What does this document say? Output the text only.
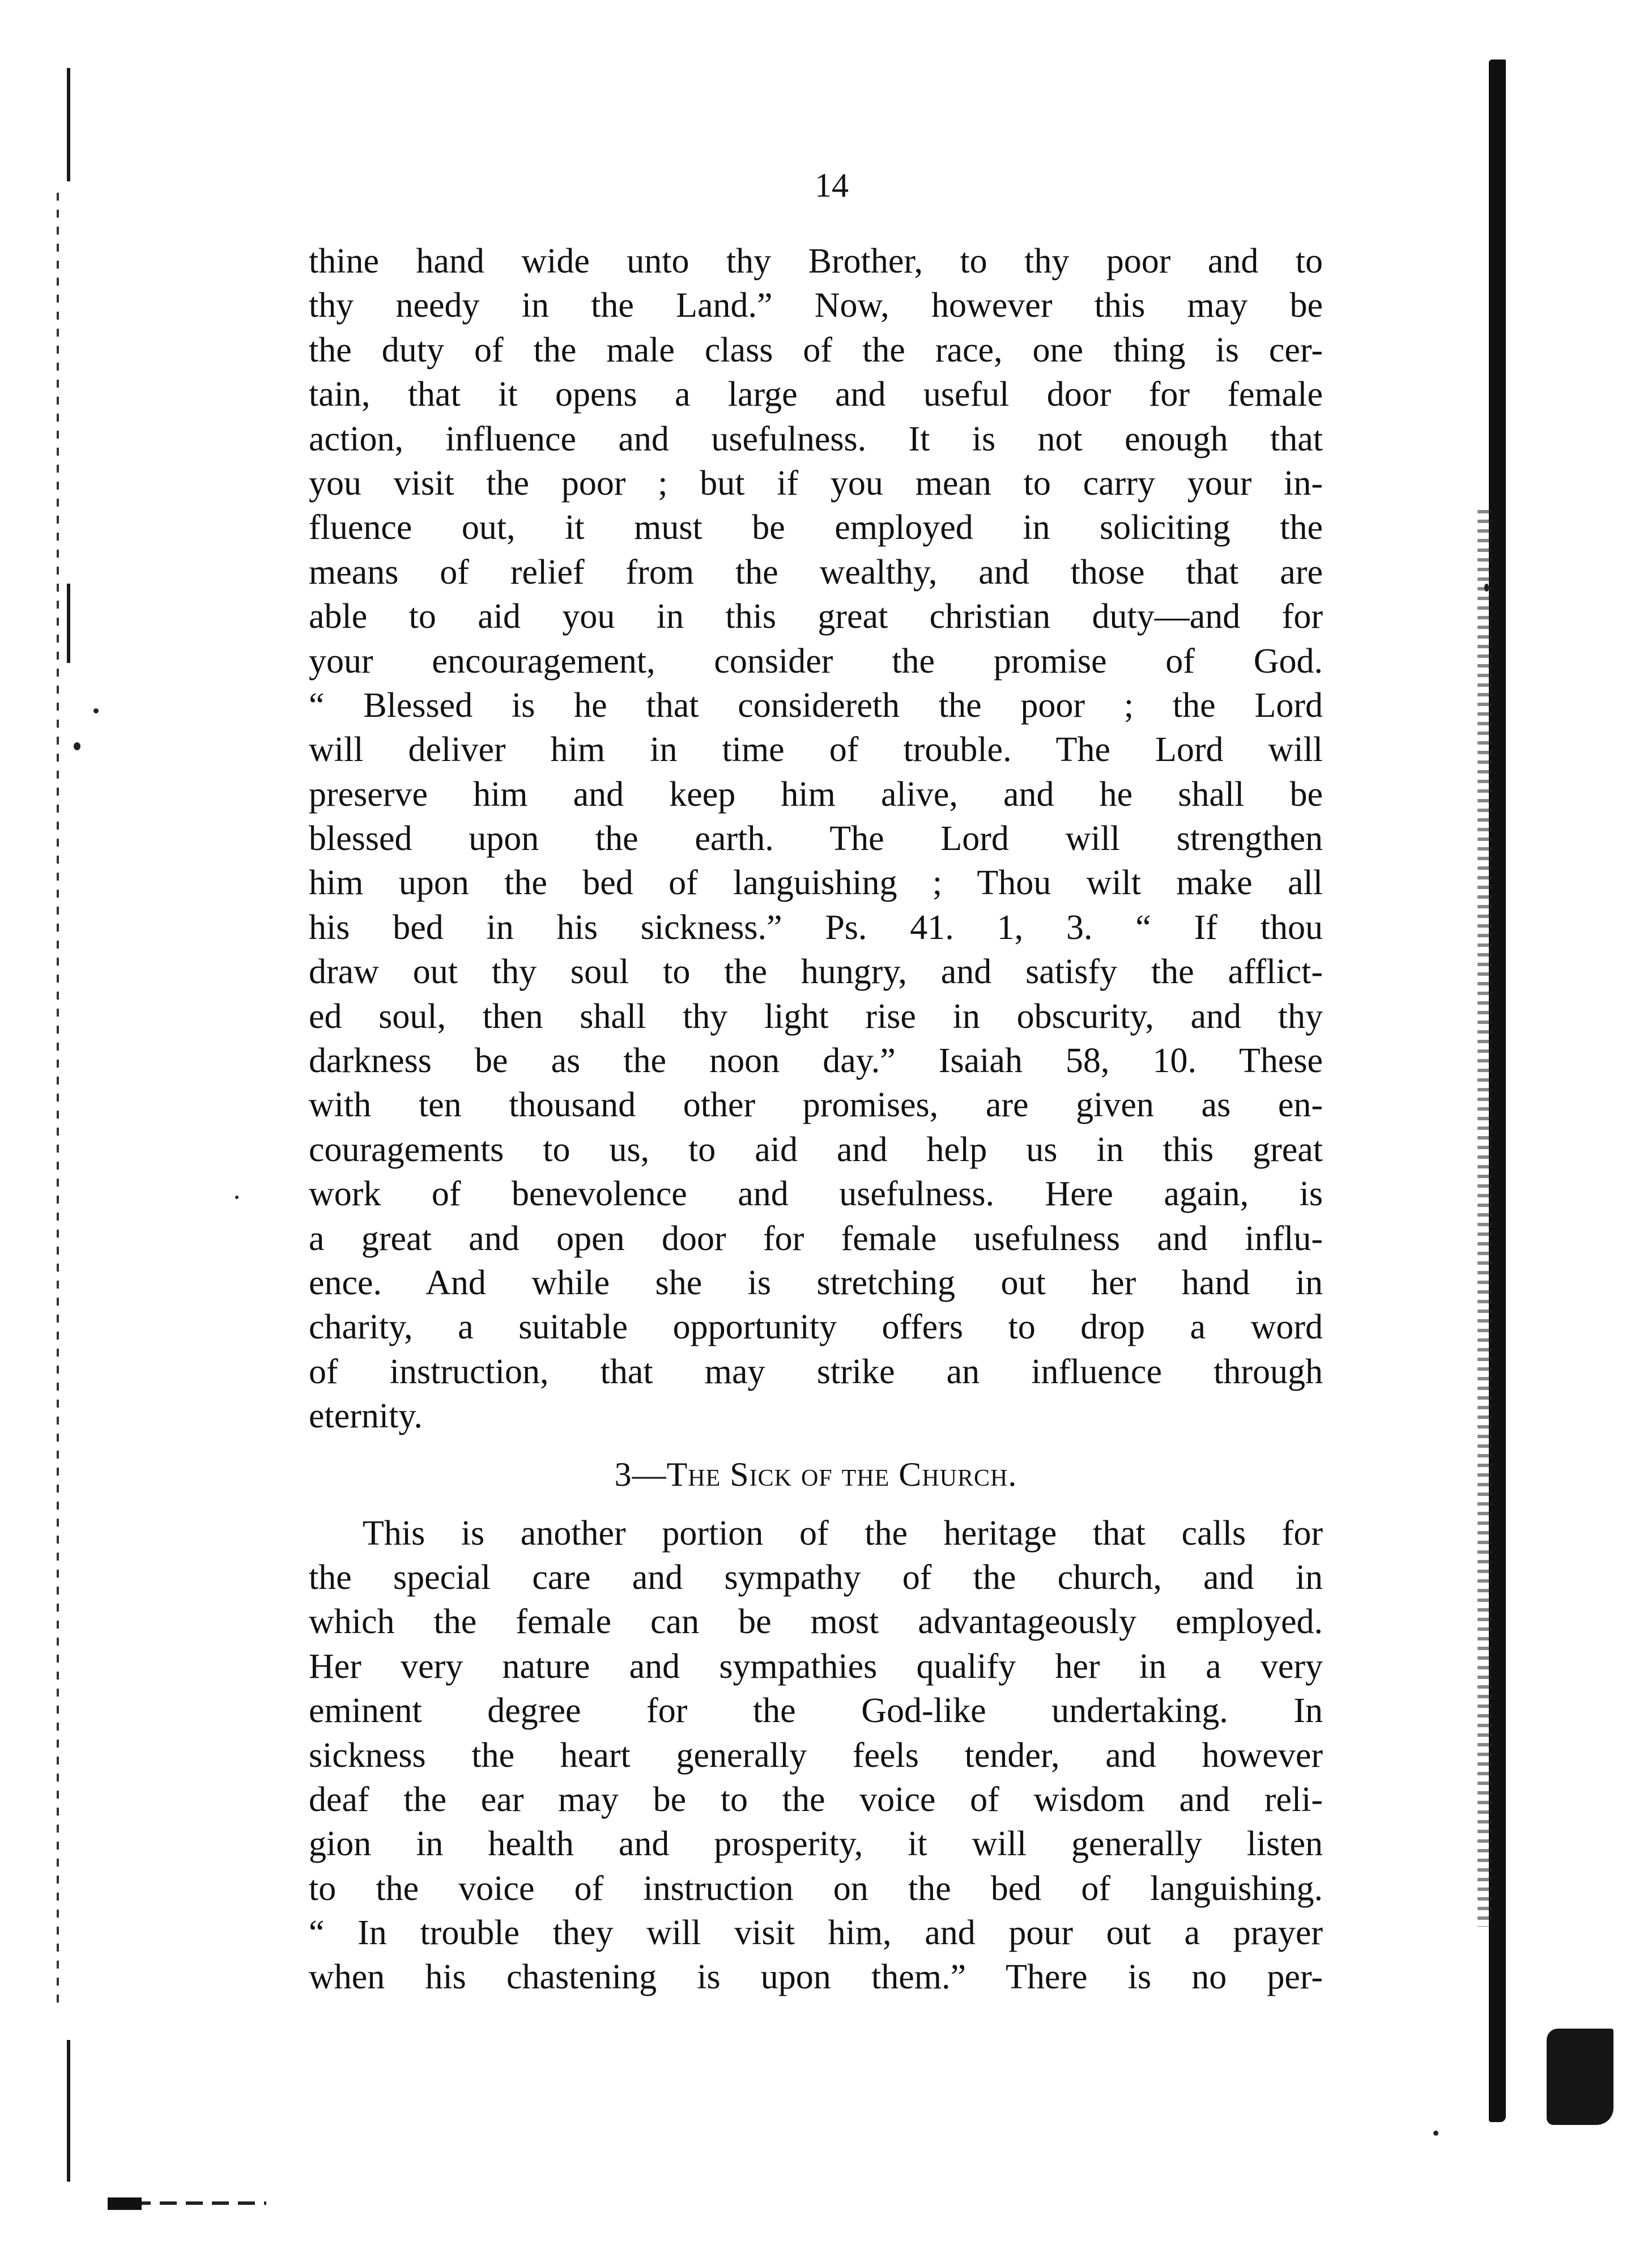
14
thine hand wide unto thy Brother, to thy poor and to
thy needy in the Land.” Now, however this may be
the duty of the male class of the race, one thing is cer-
tain, that it opens a large and useful door for female
action, influence and usefulness. It is not enough that
you visit the poor ; but if you mean to carry your in-
fluence out, it must be employed in soliciting the
means of relief from the wealthy, and those that are
able to aid you in this great christian duty—and for
your encouragement, consider the promise of God.
“ Blessed is he that considereth the poor ; the Lord
will deliver him in time of trouble. The Lord will
preserve him and keep him alive, and he shall be
blessed upon the earth. The Lord will strengthen
him upon the bed of languishing ; Thou wilt make all
his bed in his sickness.” Ps. 41. 1, 3. “ If thou
draw out thy soul to the hungry, and satisfy the afflict-
ed soul, then shall thy light rise in obscurity, and thy
darkness be as the noon day.” Isaiah 58, 10. These
with ten thousand other promises, are given as en-
couragements to us, to aid and help us in this great
work of benevolence and usefulness. Here again, is
a great and open door for female usefulness and influ-
ence. And while she is stretching out her hand in
charity, a suitable opportunity offers to drop a word
of instruction, that may strike an influence through
eternity.
3—The Sick of the Church.
This is another portion of the heritage that calls for
the special care and sympathy of the church, and in
which the female can be most advantageously employed.
Her very nature and sympathies qualify her in a very
eminent degree for the God-like undertaking. In
sickness the heart generally feels tender, and however
deaf the ear may be to the voice of wisdom and reli-
gion in health and prosperity, it will generally listen
to the voice of instruction on the bed of languishing.
“ In trouble they will visit him, and pour out a prayer
when his chastening is upon them.” There is no per-
